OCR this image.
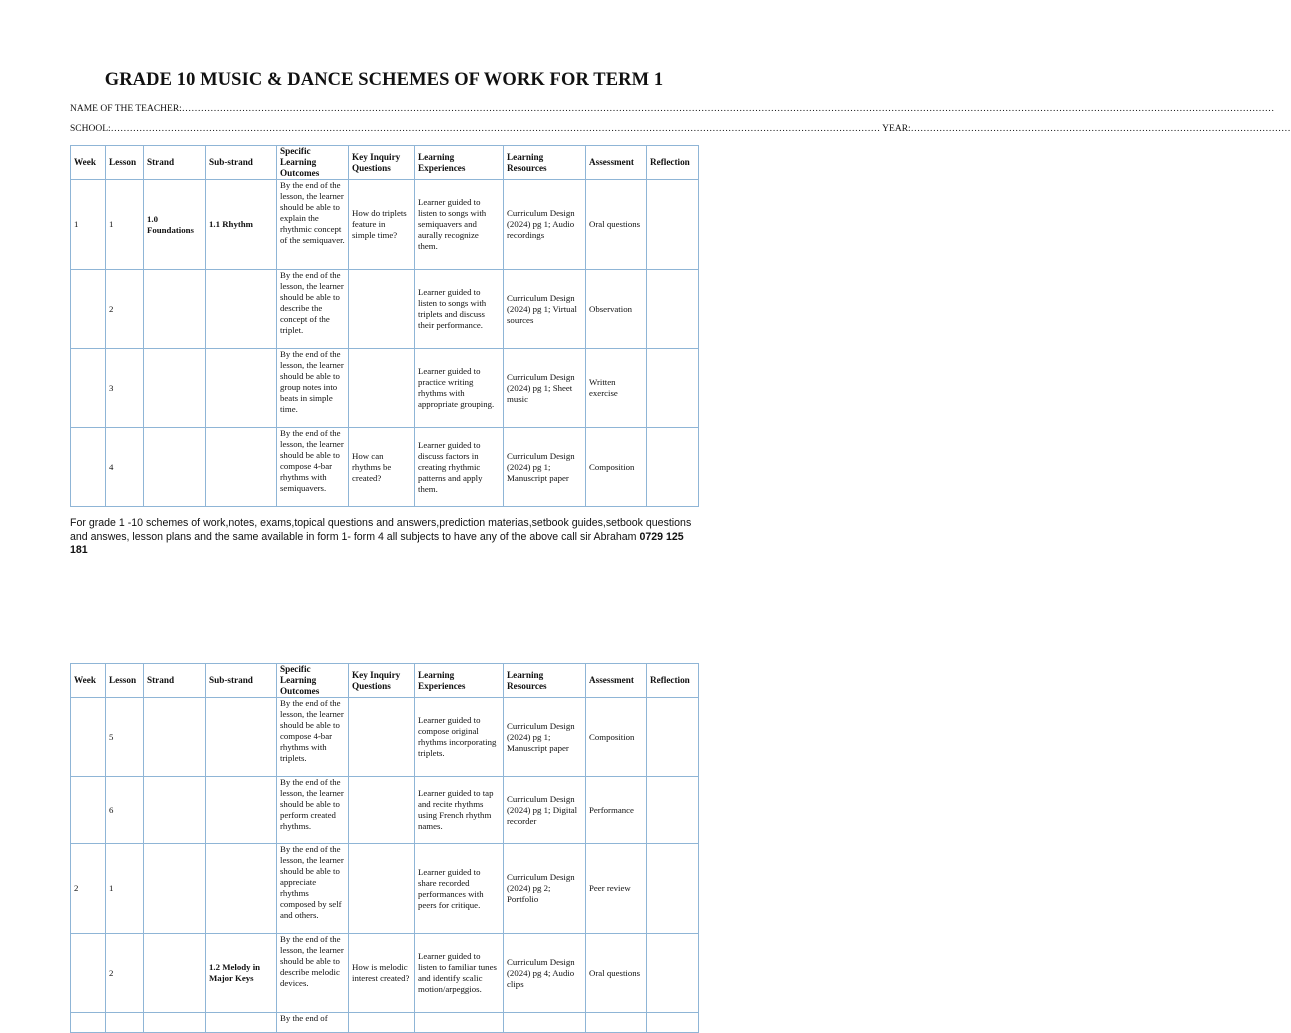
GRADE 10 MUSIC & DANCE SCHEMES OF WORK FOR TERM 1
NAME OF THE TEACHER:…………………………………………………………………………………………………………………………………………………………………………………………………………………………………………………………………………………………………………………
SCHOOL:……………………………………………………………………………………………………………………………………………………………………………………………………………………… YEAR:…………………………………………………………………………………………………………
Week	Lesson	Strand	Sub-strand	Specific Learning Outcomes	Key Inquiry Questions	Learning Experiences	Learning Resources	Assessment	Reflection
1	1	1.0 Foundations	1.1 Rhythm	By the end of the lesson, the learner should be able to explain the rhythmic concept of the semiquaver.	How do triplets feature in simple time?	Learner guided to listen to songs with semiquavers and aurally recognize them.	Curriculum Design (2024) pg 1; Audio recordings	Oral questions	
	2			By the end of the lesson, the learner should be able to describe the concept of the triplet.		Learner guided to listen to songs with triplets and discuss their performance.	Curriculum Design (2024) pg 1; Virtual sources	Observation	
	3			By the end of the lesson, the learner should be able to group notes into beats in simple time.		Learner guided to practice writing rhythms with appropriate grouping.	Curriculum Design (2024) pg 1; Sheet music	Written exercise	
	4			By the end of the lesson, the learner should be able to compose 4-bar rhythms with semiquavers.	How can rhythms be created?	Learner guided to discuss factors in creating rhythmic patterns and apply them.	Curriculum Design (2024) pg 1; Manuscript paper	Composition	
For grade 1 -10 schemes of work,notes, exams,topical questions and answers,prediction materias,setbook guides,setbook questions and answes, lesson plans and the same available in form 1- form 4 all subjects to have any of the above call sir Abraham 0729 125 181
Week	Lesson	Strand	Sub-strand	Specific Learning Outcomes	Key Inquiry Questions	Learning Experiences	Learning Resources	Assessment	Reflection
	5			By the end of the lesson, the learner should be able to compose 4-bar rhythms with triplets.		Learner guided to compose original rhythms incorporating triplets.	Curriculum Design (2024) pg 1; Manuscript paper	Composition	
	6			By the end of the lesson, the learner should be able to perform created rhythms.		Learner guided to tap and recite rhythms using French rhythm names.	Curriculum Design (2024) pg 1; Digital recorder	Performance	
2	1			By the end of the lesson, the learner should be able to appreciate rhythms composed by self and others.		Learner guided to share recorded performances with peers for critique.	Curriculum Design (2024) pg 2; Portfolio	Peer review	
	2		1.2 Melody in Major Keys	By the end of the lesson, the learner should be able to describe melodic devices.	How is melodic interest created?	Learner guided to listen to familiar tunes and identify scalic motion/arpeggios.	Curriculum Design (2024) pg 4; Audio clips	Oral questions	
				By the end of					
